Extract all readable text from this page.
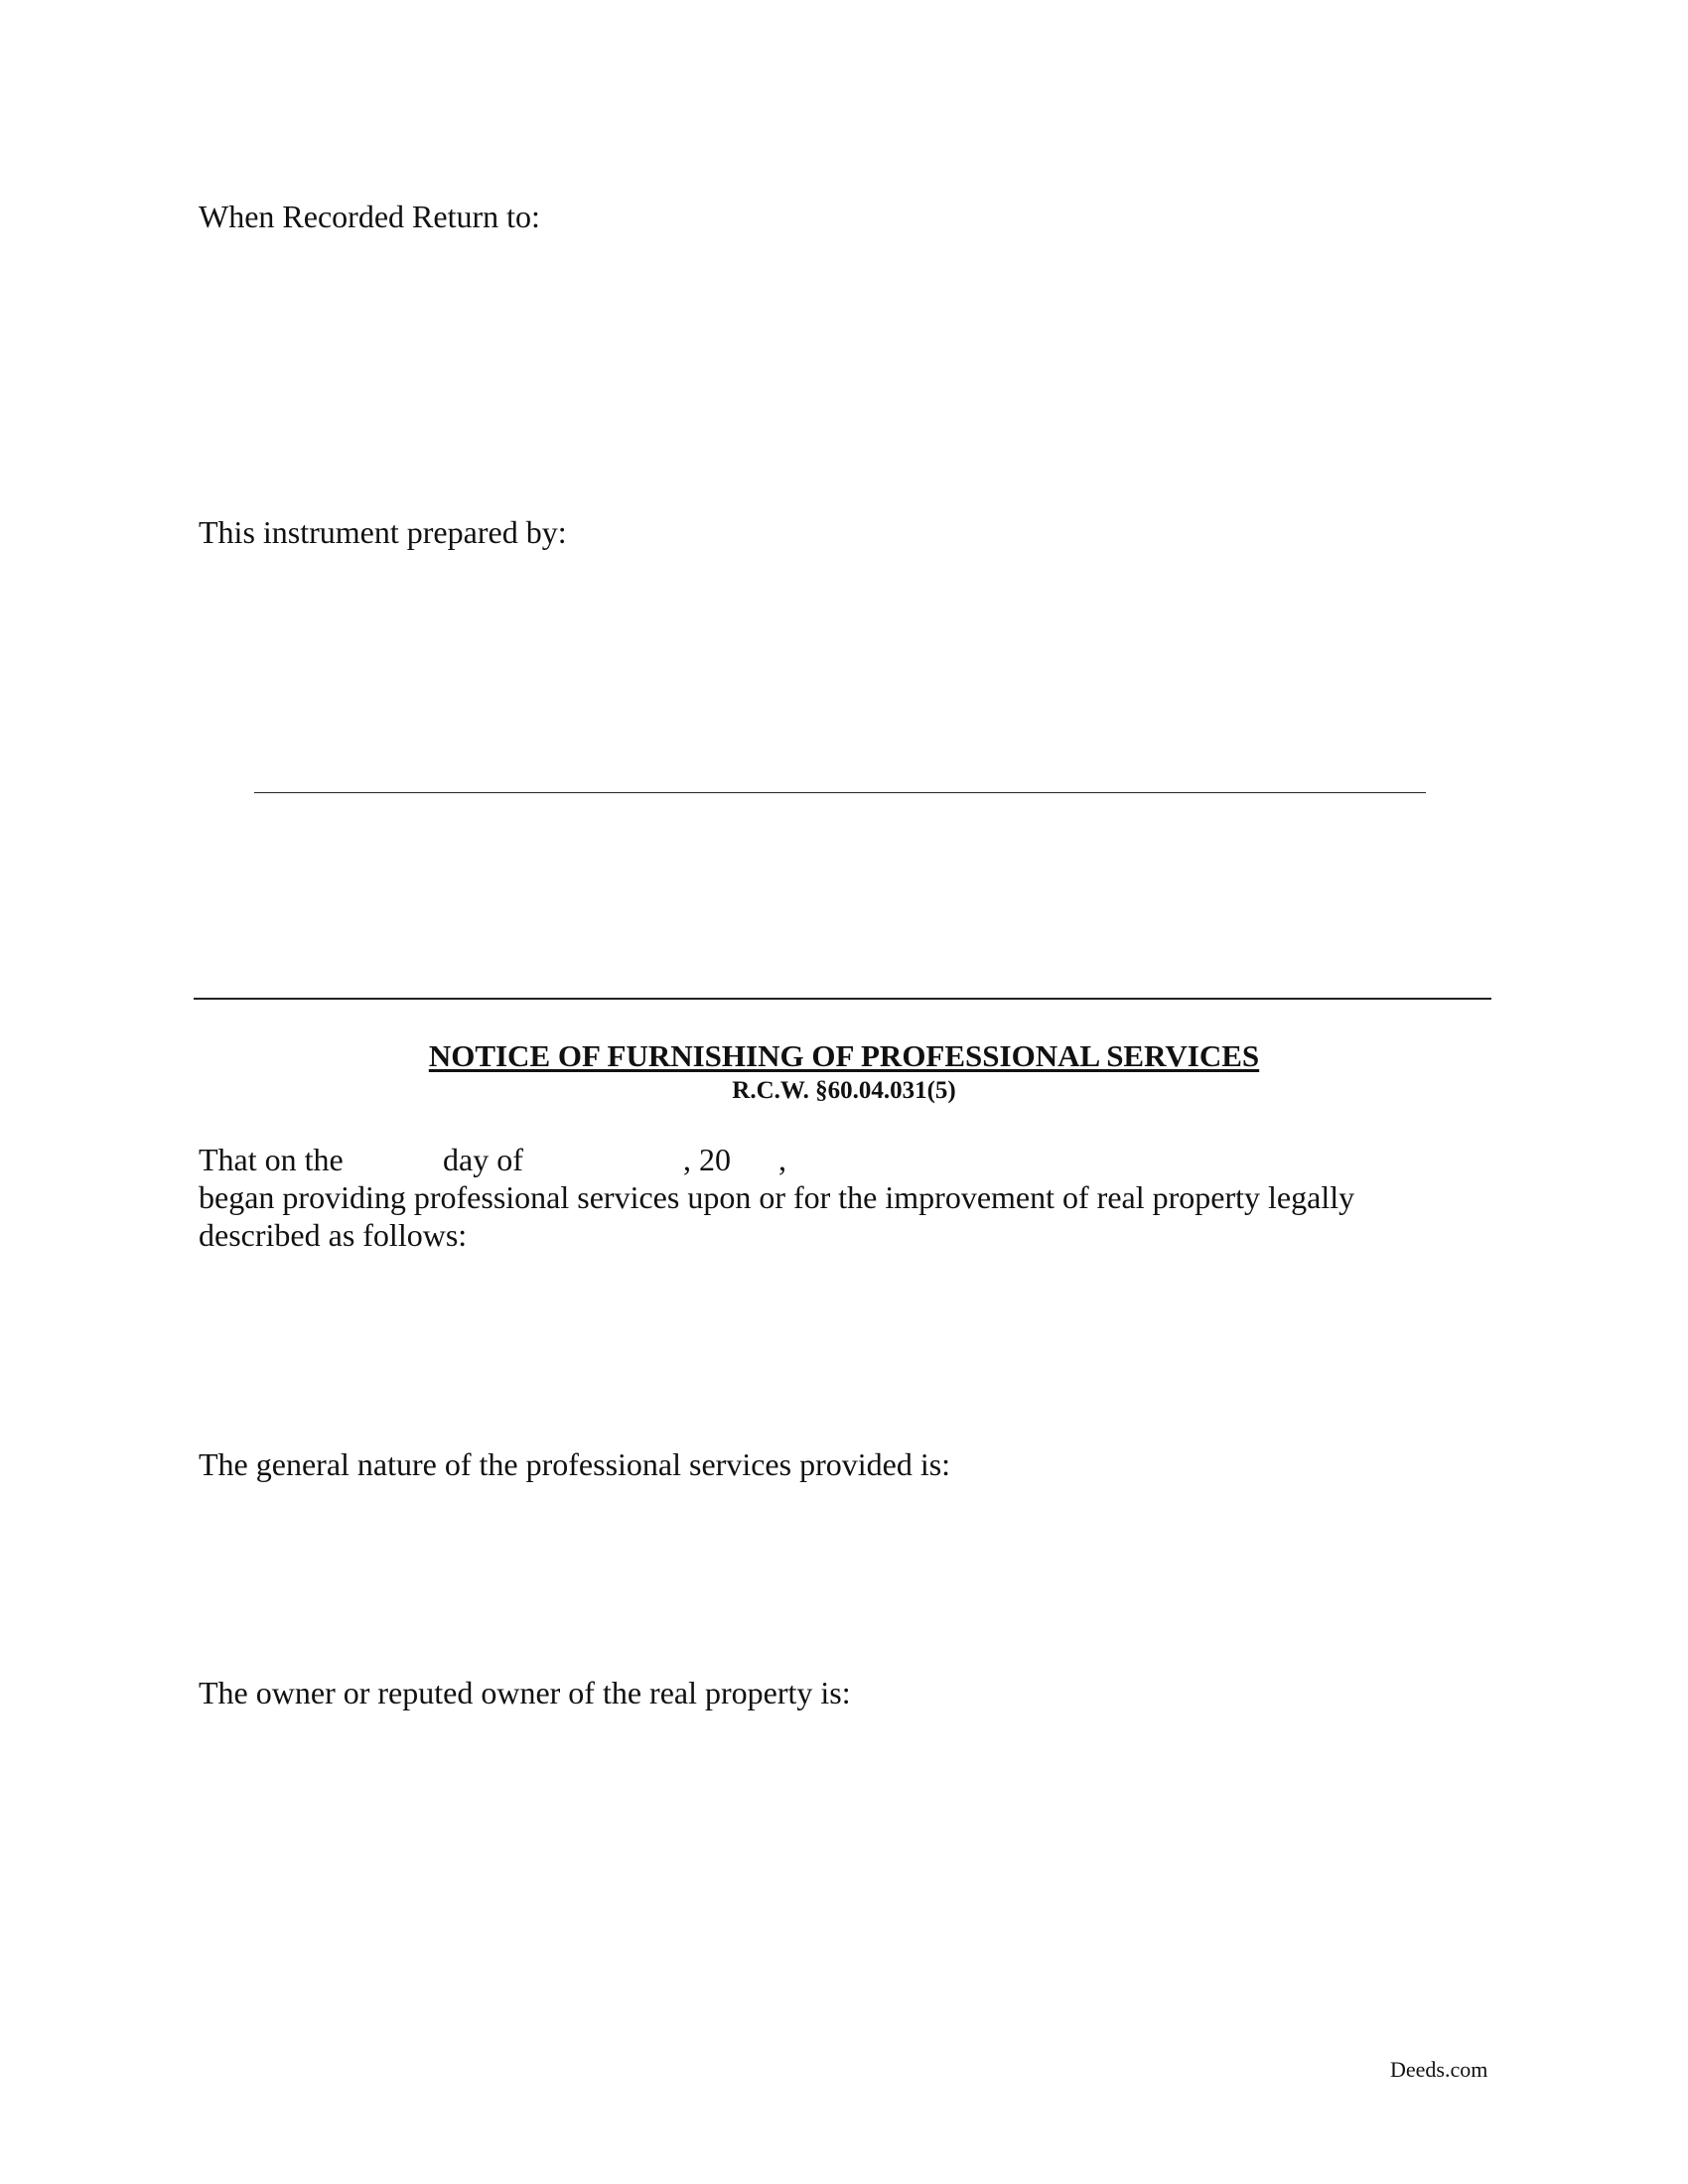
When Recorded Return to:
This instrument prepared by:
NOTICE OF FURNISHING OF PROFESSIONAL SERVICES
R.C.W. §60.04.031(5)
That on the	day of	, 20 ,

began providing professional services upon or for the improvement of real property legally

described as follows:

The general nature of the professional services provided is:
The owner or reputed owner of the real property is:
Deeds.com
